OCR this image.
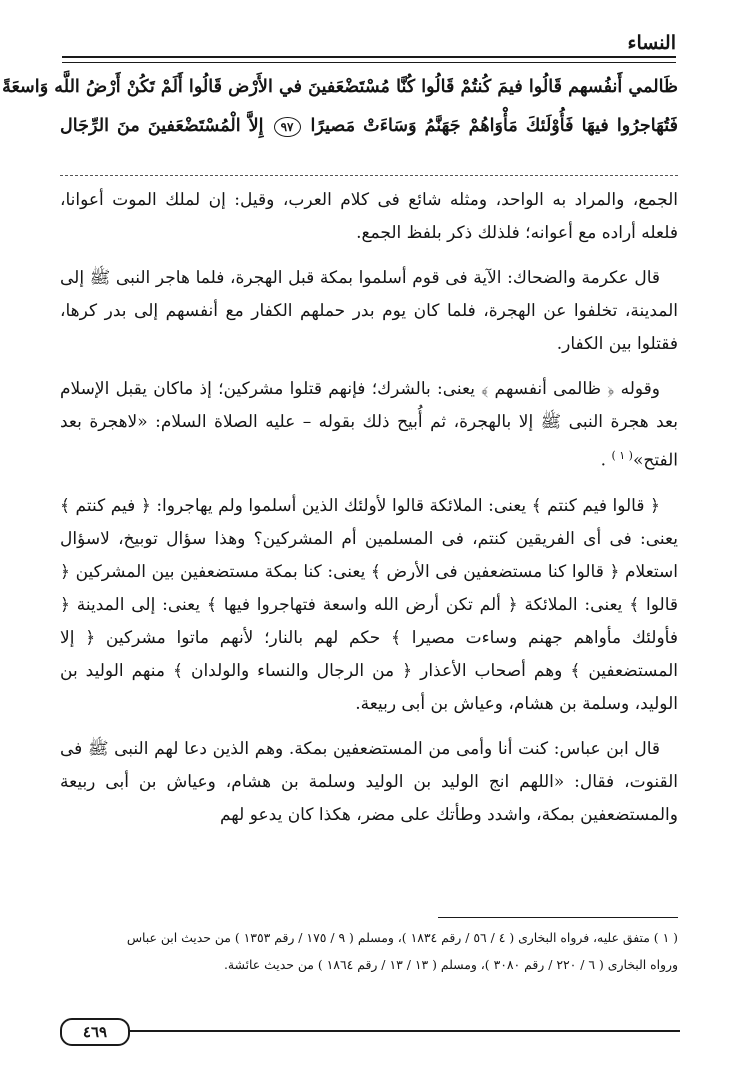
النساء
ظَالمي أَنفُسهم قَالُوا فيمَ كُنتُمْ قَالُوا كُنَّا مُسْتَضْعَفينَ في الأَرْض قَالُوا أَلَمْ تَكُنْ أَرْضُ اللَّه وَاسعَةً
فَتُهَاجرُوا فيهَا فَأُوْلَئكَ مَأْوَاهُمْ جَهَنَّمُ وَسَاءَتْ مَصيرًا ٩٧ إِلاَّ الْمُسْتَضْعَفينَ منَ الرِّجَال

الجمع، والمراد به الواحد، ومثله شائع فى كلام العرب، وقيل: إن لملك الموت أعوانا، فلعله أراده مع أعوانه؛ فلذلك ذكر بلفظ الجمع.

قال عكرمة والضحاك: الآية فى قوم أسلموا بمكة قبل الهجرة، فلما هاجر النبى ﷺ إلى المدينة، تخلفوا عن الهجرة، فلما كان يوم بدر حملهم الكفار مع أنفسهم إلى بدر كرها، فقتلوا بين الكفار.

وقوله ﴿ ظالمى أنفسهم ﴾ يعنى: بالشرك؛ فإنهم قتلوا مشركين؛ إذ ماكان يقبل الإسلام بعد هجرة النبى ﷺ إلا بالهجرة، ثم أُبيح ذلك بقوله – عليه الصلاة السلام: «لاهجرة بعد الفتح»$^{( ١ )}$ .

﴿ قالوا فيم كنتم ﴾ يعنى: الملائكة قالوا لأولئك الذين أسلموا ولم يهاجروا: ﴿ فيم كنتم ﴾ يعنى: فى أى الفريقين كنتم، فى المسلمين أم المشركين؟ وهذا سؤال توبيخ، لاسؤال استعلام ﴿ قالوا كنا مستضعفين فى الأرض ﴾ يعنى: كنا بمكة مستضعفين بين المشركين ﴿ قالوا ﴾ يعنى: الملائكة ﴿ ألم تكن أرض الله واسعة فتهاجروا فيها ﴾ يعنى: إلى المدينة ﴿ فأولئك مأواهم جهنم وساءت مصيرا ﴾ حكم لهم بالنار؛ لأنهم ماتوا مشركين ﴿ إلا المستضعفين ﴾ وهم أصحاب الأعذار ﴿ من الرجال والنساء والولدان ﴾ منهم الوليد بن الوليد، وسلمة بن هشام، وعياش بن أبى ربيعة.

قال ابن عباس: كنت أنا وأمى من المستضعفين بمكة. وهم الذين دعا لهم النبى ﷺ فى القنوت، فقال: «اللهم انج الوليد بن الوليد وسلمة بن هشام، وعياش بن أبى ربيعة والمستضعفين بمكة، واشدد وطأتك على مضر، هكذا كان يدعو لهم

( ١ ) متفق عليه، فرواه البخارى ( ٤ / ٥٦ / رقم ١٨٣٤ )، ومسلم ( ٩ / ١٧٥ / رقم ١٣٥٣ ) من حديث ابن عباس

ورواه البخارى ( ٦ / ٢٢٠ / رقم ٣٠٨٠ )، ومسلم ( ١٣ / ١٣ / رقم ١٨٦٤ ) من حديث عائشة.

٤٦٩
